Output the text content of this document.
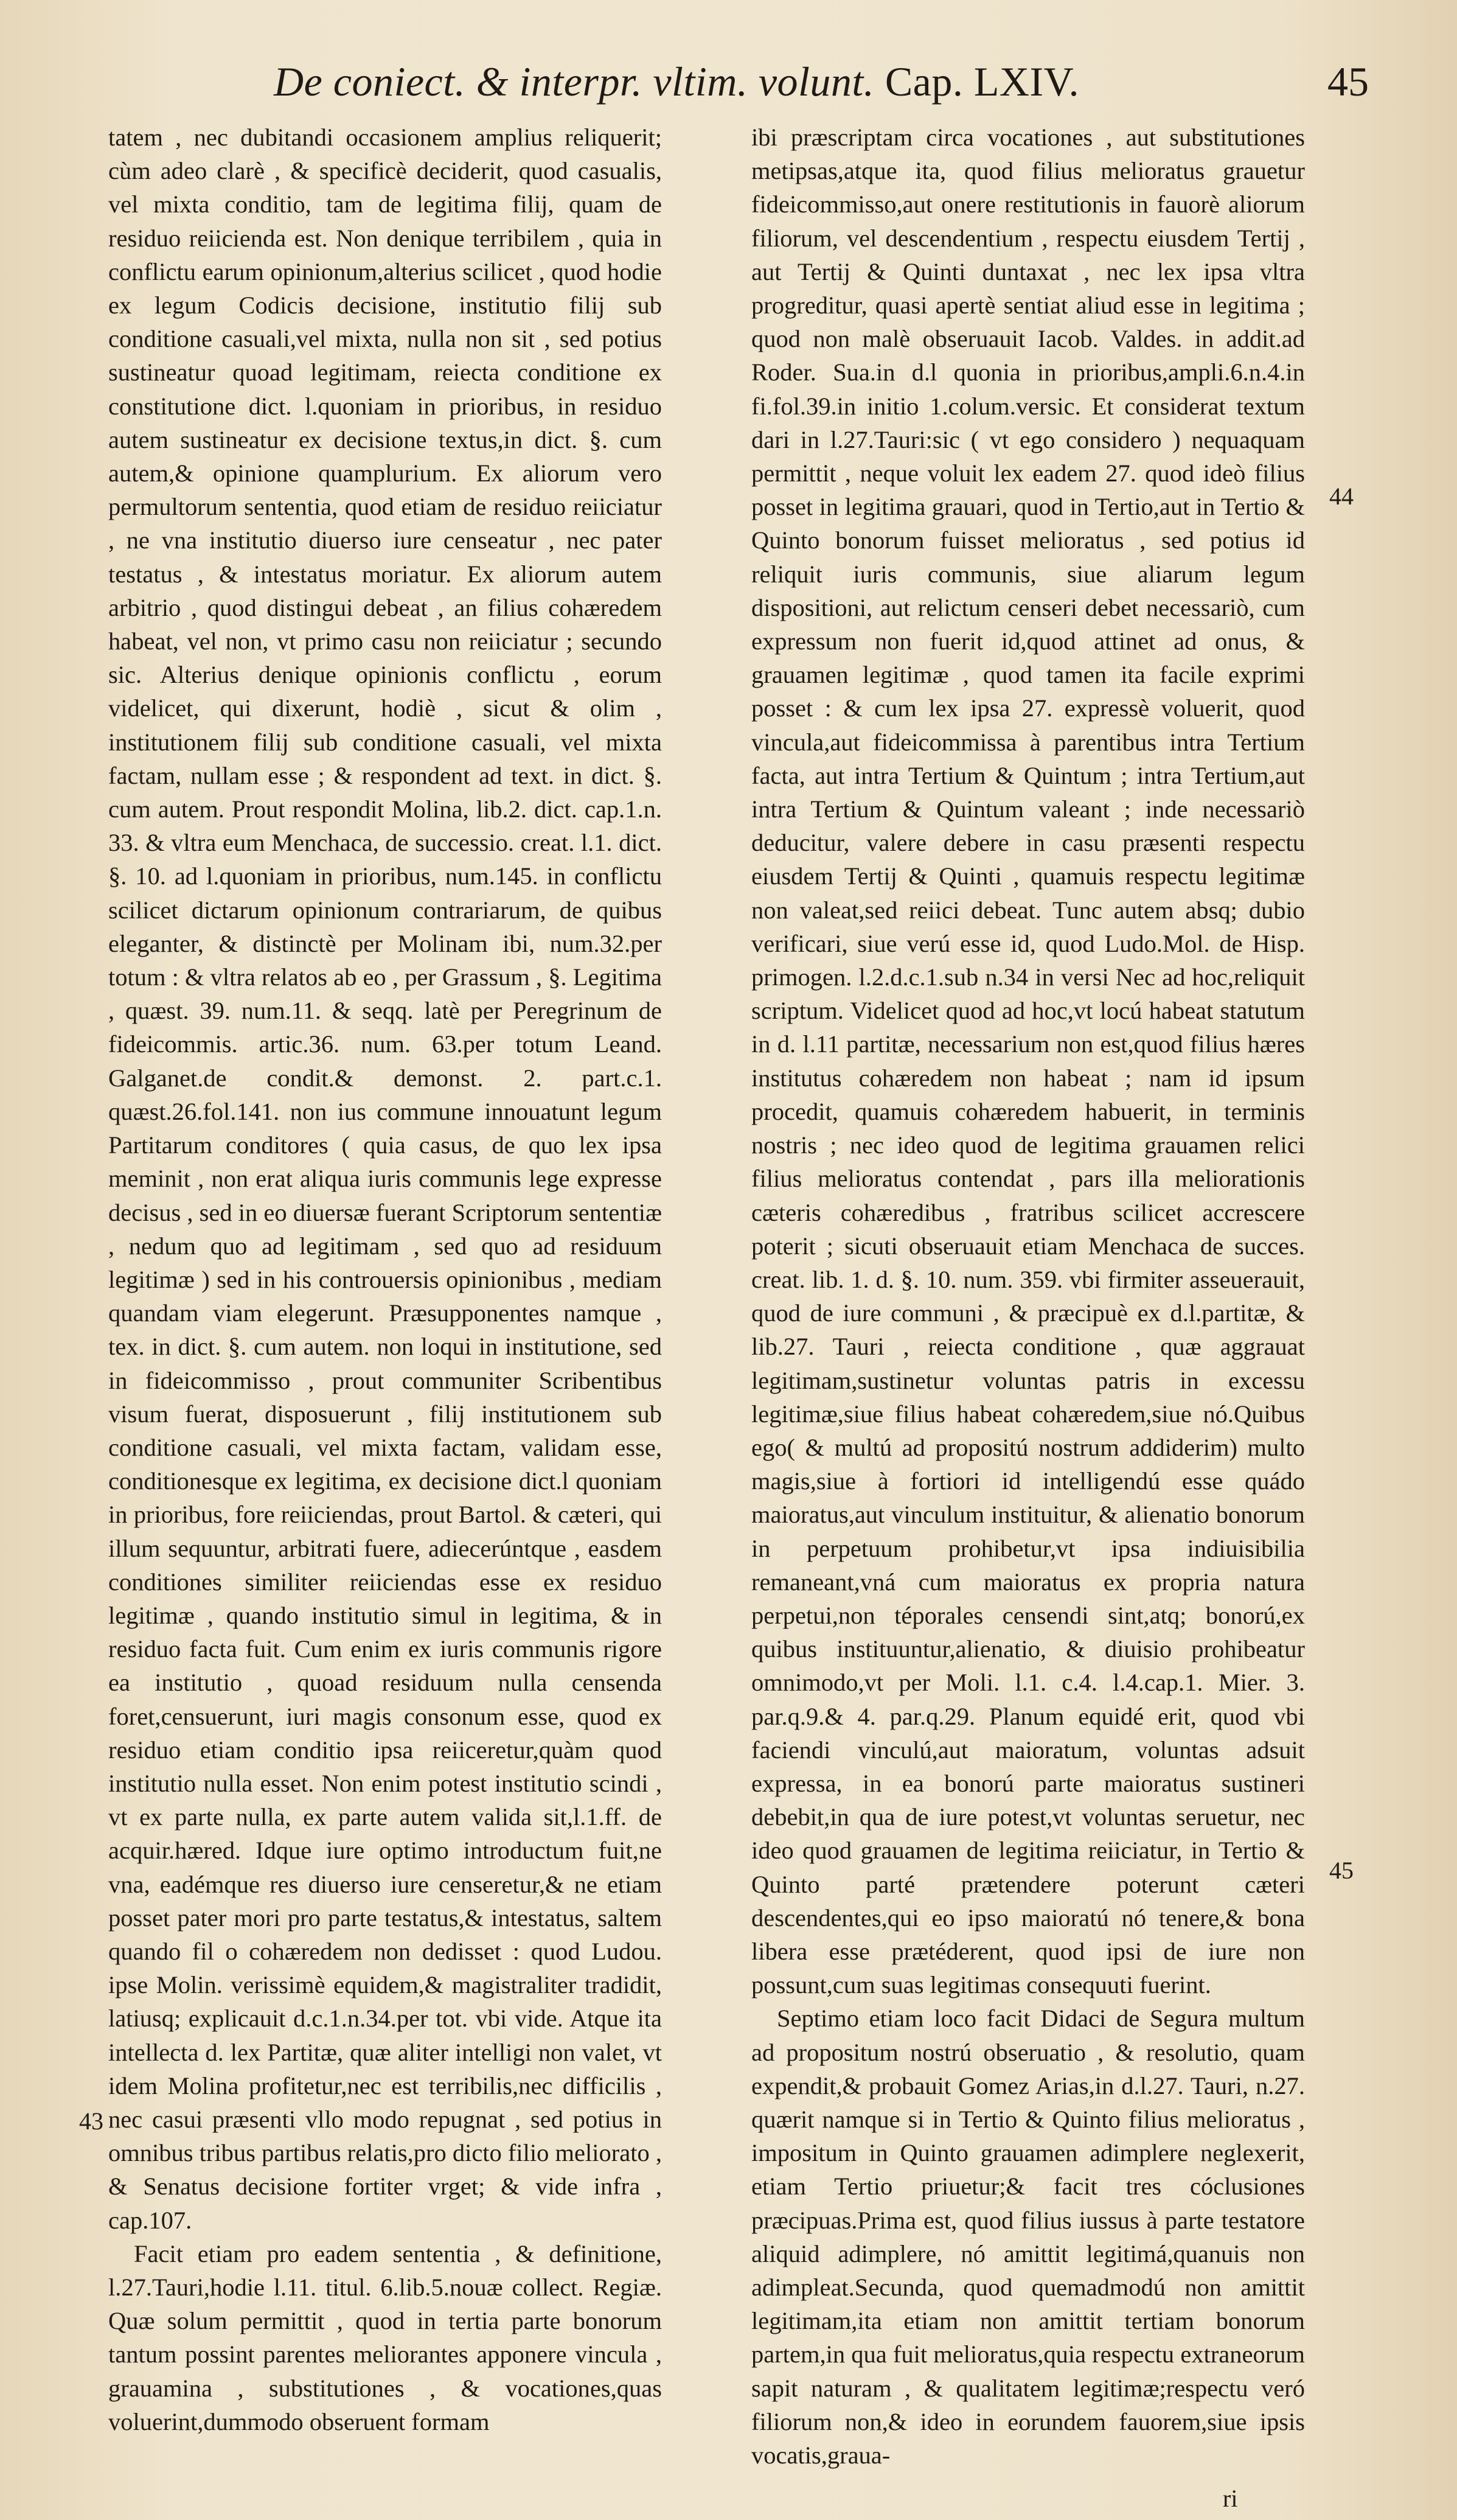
De coniect. & interpr. vltim. volunt. Cap. LXIV.	45

tatem , nec dubitandi occasionem amplius reliquerit; cùm adeo clarè , & specificè deciderit, quod casualis, vel mixta conditio, tam de legitima filij, quam de residuo reiicienda est. Non denique terribilem , quia in conflictu earum opinionum,alterius scilicet , quod hodie ex legum Codicis decisione, institutio filij sub conditione casuali,vel mixta, nulla non sit , sed potius sustineatur quoad legitimam, reiecta conditione ex constitutione dict. l.quoniam in prioribus, in residuo autem sustineatur ex decisione textus,in dict. §. cum autem,& opinione quamplurium. Ex aliorum vero permultorum sententia, quod etiam de residuo reiiciatur , ne vna institutio diuerso iure censeatur , nec pater testatus , & intestatus moriatur. Ex aliorum autem arbitrio , quod distingui debeat , an filius cohæredem habeat, vel non, vt primo casu non reiiciatur ; secundo sic. Alterius denique opinionis conflictu , eorum videlicet, qui dixerunt, hodiè , sicut & olim , institutionem filij sub conditione casuali, vel mixta factam, nullam esse ; & respondent ad text. in dict. §. cum autem. Prout respondit Molina, lib.2. dict. cap.1.n. 33. & vltra eum Menchaca, de successio. creat. l.1. dict. §. 10. ad l.quoniam in prioribus, num.145. in conflictu scilicet dictarum opinionum contrariarum, de quibus eleganter, & distinctè per Molinam ibi, num.32.per totum : & vltra relatos ab eo , per Grassum , §. Legitima , quæst. 39. num.11. & seqq. latè per Peregrinum de fideicommis. artic.36. num. 63.per totum Leand. Galganet.de condit.& demonst. 2. part.c.1. quæst.26.fol.141. non ius commune innouatunt legum Partitarum conditores ( quia casus, de quo lex ipsa meminit , non erat aliqua iuris communis lege expresse decisus , sed in eo diuersæ fuerant Scriptorum sententiæ , nedum quo ad legitimam , sed quo ad residuum legitimæ ) sed in his controuersis opinionibus , mediam quandam viam elegerunt. Præsupponentes namque , tex. in dict. §. cum autem. non loqui in institutione, sed in fideicommisso , prout communiter Scribentibus visum fuerat, disposuerunt , filij institutionem sub conditione casuali, vel mixta factam, validam esse, conditionesque ex legitima, ex decisione dict.l quoniam in prioribus, fore reiiciendas, prout Bartol. & cæteri, qui illum sequuntur, arbitrati fuere, adiecerúntque , easdem conditiones similiter reiiciendas esse ex residuo legitimæ , quando institutio simul in legitima, & in residuo facta fuit. Cum enim ex iuris communis rigore ea institutio , quoad residuum nulla censenda foret,censuerunt, iuri magis consonum esse, quod ex residuo etiam conditio ipsa reiiceretur,quàm quod institutio nulla esset. Non enim potest institutio scindi , vt ex parte nulla, ex parte autem valida sit,l.1.ff. de acquir.hæred. Idque iure optimo introductum fuit,ne vna, eadémque res diuerso iure censeretur,& ne etiam posset pater mori pro parte testatus,& intestatus, saltem quando fil o cohæredem non dedisset : quod Ludou. ipse Molin. verissimè equidem,& magistraliter tradidit, latiusq; explicauit d.c.1.n.34.per tot. vbi vide. Atque ita intellecta d. lex Partitæ, quæ aliter intelligi non valet, vt idem Molina profitetur,nec est terribilis,nec difficilis , nec casui præsenti vllo modo repugnat , sed potius in omnibus tribus partibus relatis,pro dicto filio meliorato , & Senatus decisione fortiter vrget; & vide infra , cap.107.

Facit etiam pro eadem sententia , & definitione, l.27.Tauri,hodie l.11. titul. 6.lib.5.nouæ collect. Regiæ. Quæ solum permittit , quod in tertia parte bonorum tantum possint parentes meliorantes apponere vincula , grauamina , substitutiones , & vocationes,quas voluerint,dummodo obseruent formam

ibi præscriptam circa vocationes , aut substitutiones metipsas,atque ita, quod filius melioratus grauetur fideicommisso,aut onere restitutionis in fauorè aliorum filiorum, vel descendentium , respectu eiusdem Tertij , aut Tertij & Quinti duntaxat , nec lex ipsa vltra progreditur, quasi apertè sentiat aliud esse in legitima ; quod non malè obseruauit Iacob. Valdes. in addit.ad Roder. Sua.in d.l quonia in prioribus,ampli.6.n.4.in fi.fol.39.in initio 1.colum.versic. Et considerat textum dari in l.27.Tauri:sic ( vt ego considero ) nequaquam permittit , neque voluit lex eadem 27. quod ideò filius posset in legitima grauari, quod in Tertio,aut in Tertio & Quinto bonorum fuisset melioratus , sed potius id reliquit iuris communis, siue aliarum legum dispositioni, aut relictum censeri debet necessariò, cum expressum non fuerit id,quod attinet ad onus, & grauamen legitimæ , quod tamen ita facile exprimi posset : & cum lex ipsa 27. expressè voluerit, quod vincula,aut fideicommissa à parentibus intra Tertium facta, aut intra Tertium & Quintum ; intra Tertium,aut intra Tertium & Quintum valeant ; inde necessariò deducitur, valere debere in casu præsenti respectu eiusdem Tertij & Quinti , quamuis respectu legitimæ non valeat,sed reiici debeat. Tunc autem absq; dubio verificari, siue verú esse id, quod Ludo.Mol. de Hisp. primogen. l.2.d.c.1.sub n.34 in versi Nec ad hoc,reliquit scriptum. Videlicet quod ad hoc,vt locú habeat statutum in d. l.11 partitæ, necessarium non est,quod filius hæres institutus cohæredem non habeat ; nam id ipsum procedit, quamuis cohæredem habuerit, in terminis nostris ; nec ideo quod de legitima grauamen relici filius melioratus contendat , pars illa meliorationis cæteris cohæredibus , fratribus scilicet accrescere poterit ; sicuti obseruauit etiam Menchaca de succes. creat. lib. 1. d. §. 10. num. 359. vbi firmiter asseuerauit, quod de iure communi , & præcipuè ex d.l.partitæ, & lib.27. Tauri , reiecta conditione , quæ aggrauat legitimam,sustinetur voluntas patris in excessu legitimæ,siue filius habeat cohæredem,siue nó.Quibus ego( & multú ad propositú nostrum addiderim) multo magis,siue à fortiori id intelligendú esse quádo maioratus,aut vinculum instituitur, & alienatio bonorum in perpetuum prohibetur,vt ipsa indiuisibilia remaneant,vná cum maioratus ex propria natura perpetui,non téporales censendi sint,atq; bonorú,ex quibus instituuntur,alienatio, & diuisio prohibeatur omnimodo,vt per Moli. l.1. c.4. l.4.cap.1. Mier. 3. par.q.9.& 4. par.q.29. Planum equidé erit, quod vbi faciendi vinculú,aut maioratum, voluntas adsuit expressa, in ea bonorú parte maioratus sustineri debebit,in qua de iure potest,vt voluntas seruetur, nec ideo quod grauamen de legitima reiiciatur, in Tertio & Quinto parté prætendere poterunt cæteri descendentes,qui eo ipso maioratú nó tenere,& bona libera esse prætéderent, quod ipsi de iure non possunt,cum suas legitimas consequuti fuerint.

Septimo etiam loco facit Didaci de Segura multum ad propositum nostrú obseruatio , & resolutio, quam expendit,& probauit Gomez Arias,in d.l.27. Tauri, n.27. quærit namque si in Tertio & Quinto filius melioratus , impositum in Quinto grauamen adimplere neglexerit, etiam Tertio priuetur;& facit tres cóclusiones præcipuas.Prima est, quod filius iussus à parte testatore aliquid adimplere, nó amittit legitimá,quanuis non adimpleat.Secunda, quod quemadmodú non amittit legitimam,ita etiam non amittit tertiam bonorum partem,in qua fuit melioratus,quia respectu extraneorum sapit naturam , & qualitatem legitimæ;respectu veró filiorum non,& ideo in eorundem fauorem,siue ipsis vocatis,graua-

43
44
45
ri
